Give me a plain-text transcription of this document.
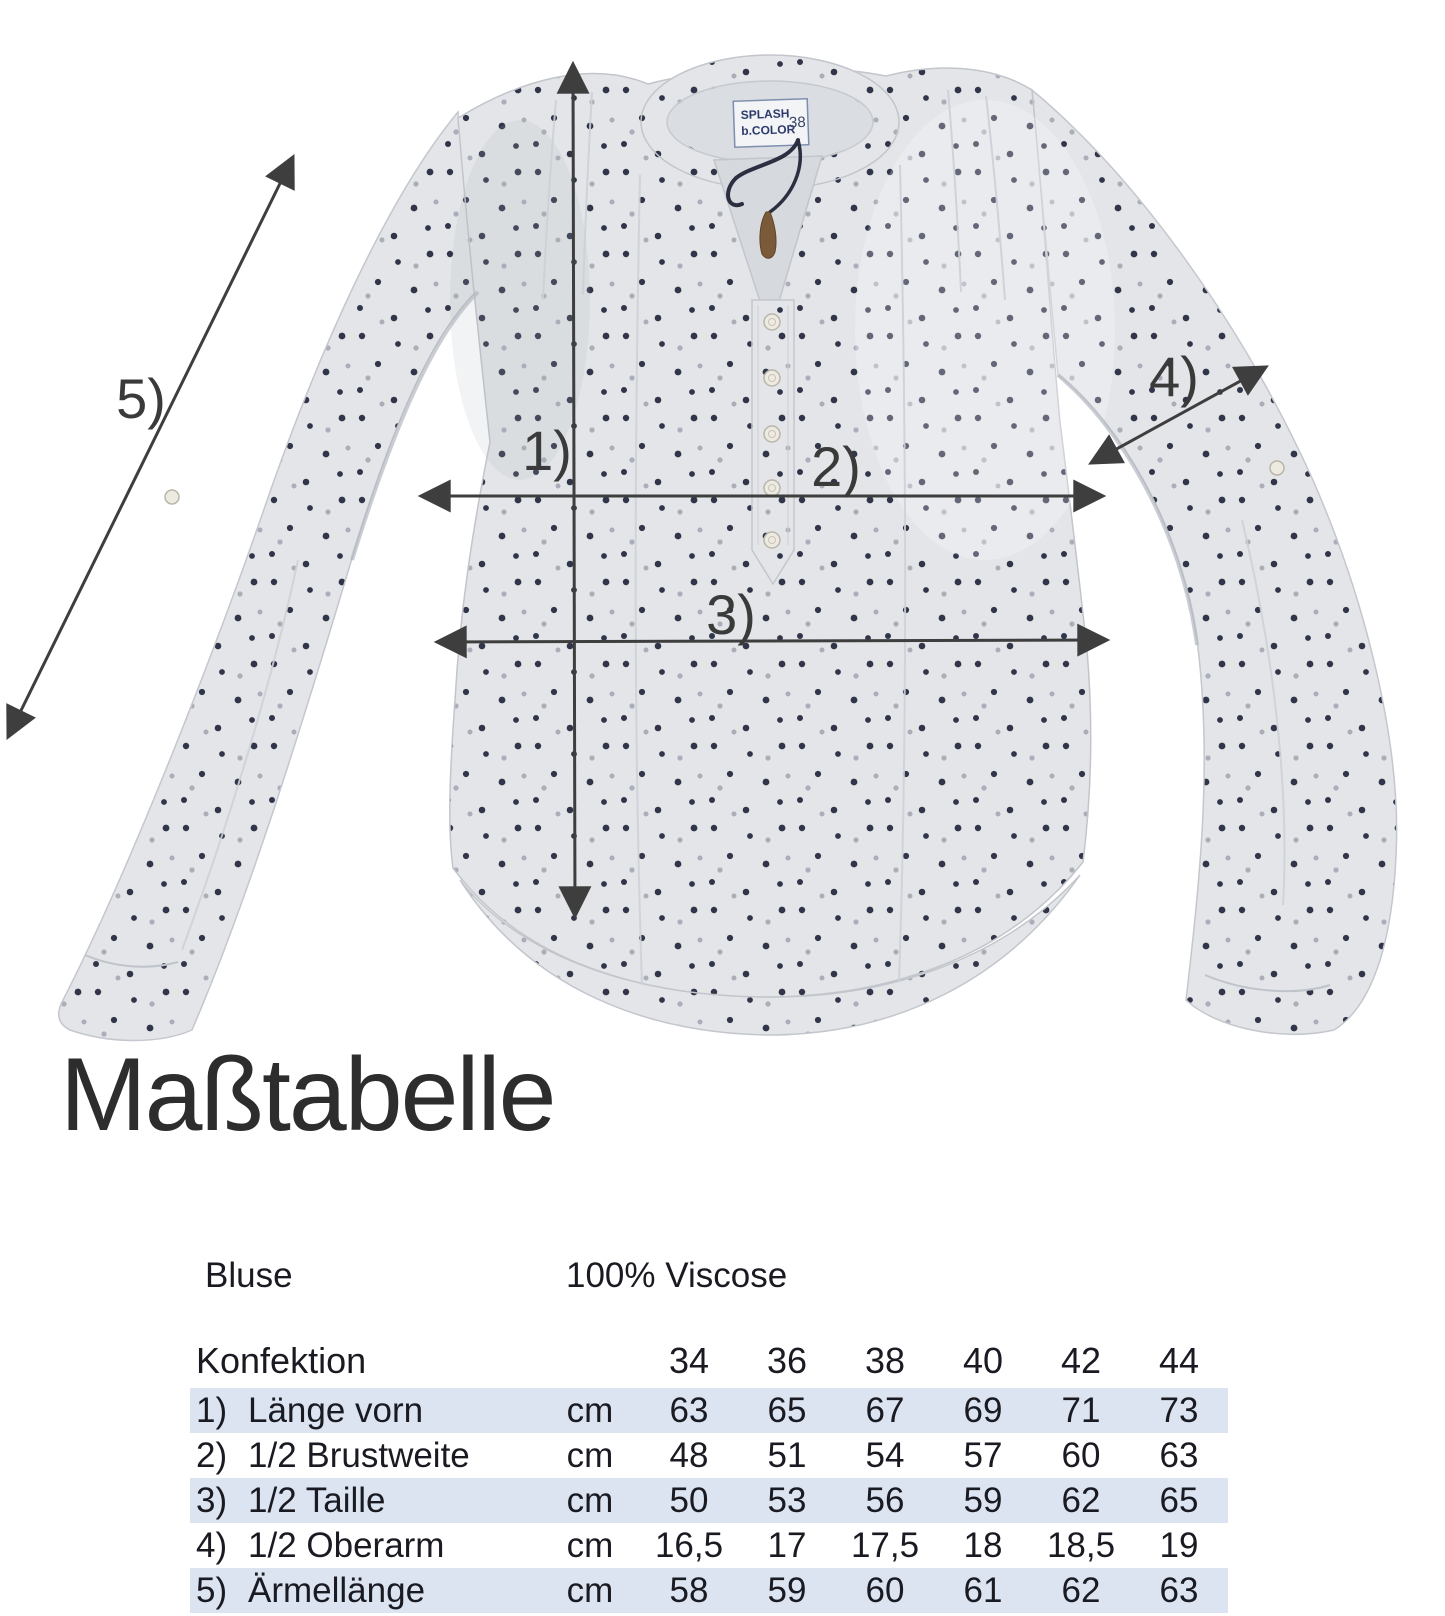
SPLASH
b.COLOR
38
1)	2)
3)
4)
5)
Maßtabelle
Bluse	100% Viscose
Konfektion	34	36	38	40	42	44
1) Länge vorn	cm	63	65	67	69	71	73
2) 1/2 Brustweite	cm	48	51	54	57	60	63
3) 1/2 Taille	cm	50	53	56	59	62	65
4) 1/2 Oberarm	cm	16,5	17	17,5	18	18,5	19
5) Ärmellänge	cm	58	59	60	61	62	63
